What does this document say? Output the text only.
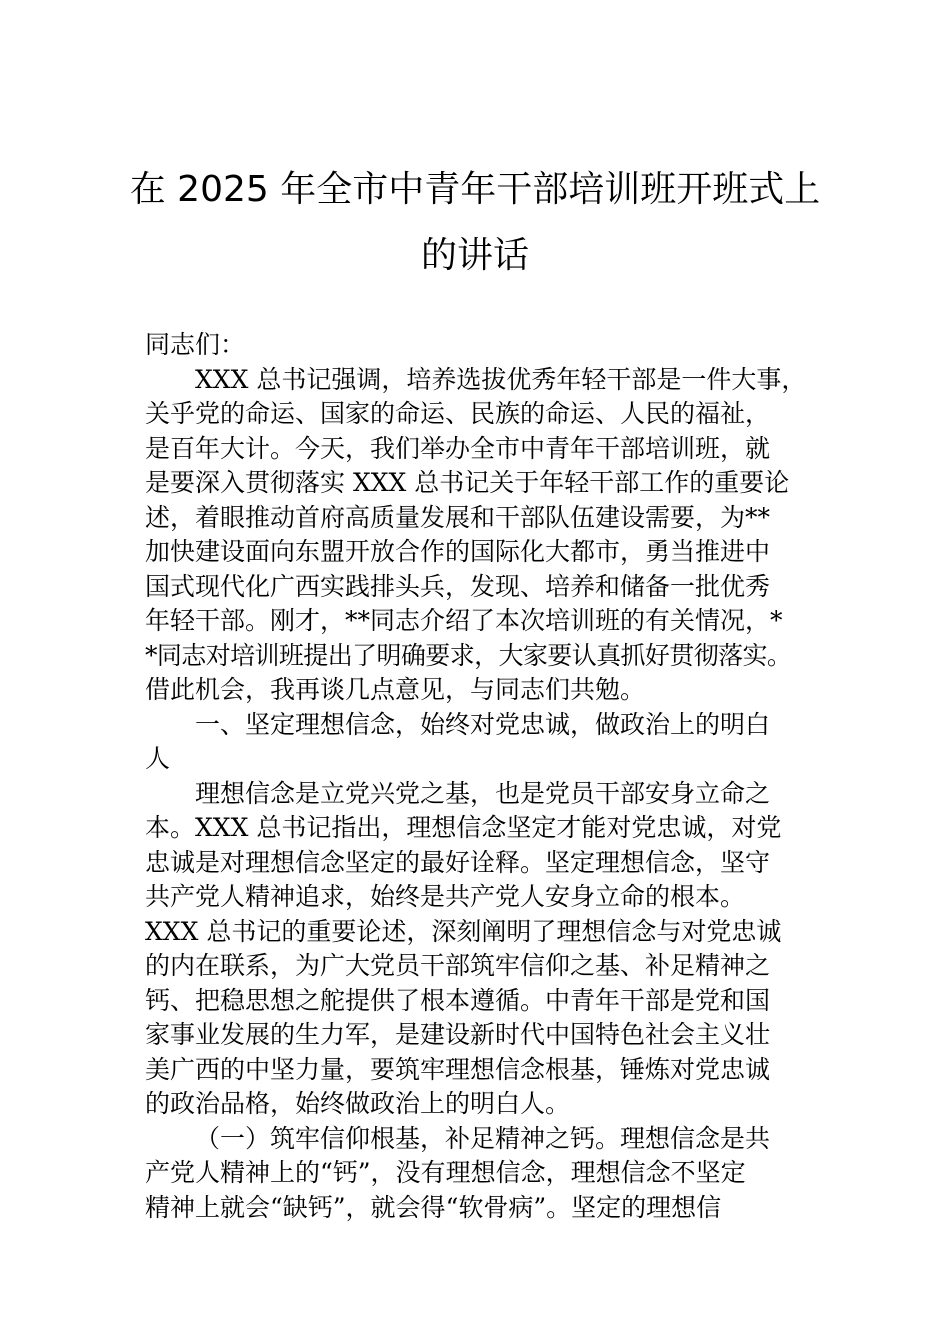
在 2025 年全市中青年干部培训班开班式上
的讲话
同志们：
XXX 总书记强调，培养选拔优秀年轻干部是一件大事，
关乎党的命运、国家的命运、民族的命运、人民的福祉，
是百年大计。今天，我们举办全市中青年干部培训班，就
是要深入贯彻落实 XXX 总书记关于年轻干部工作的重要论
述，着眼推动首府高质量发展和干部队伍建设需要，为**
加快建设面向东盟开放合作的国际化大都市，勇当推进中
国式现代化广西实践排头兵，发现、培养和储备一批优秀
年轻干部。刚才，**同志介绍了本次培训班的有关情况，*
*同志对培训班提出了明确要求，大家要认真抓好贯彻落实。
借此机会，我再谈几点意见，与同志们共勉。
一、坚定理想信念，始终对党忠诚，做政治上的明白
人
理想信念是立党兴党之基，也是党员干部安身立命之
本。XXX 总书记指出，理想信念坚定才能对党忠诚，对党
忠诚是对理想信念坚定的最好诠释。坚定理想信念，坚守
共产党人精神追求，始终是共产党人安身立命的根本。
XXX 总书记的重要论述，深刻阐明了理想信念与对党忠诚
的内在联系，为广大党员干部筑牢信仰之基、补足精神之
钙、把稳思想之舵提供了根本遵循。中青年干部是党和国
家事业发展的生力军，是建设新时代中国特色社会主义壮
美广西的中坚力量，要筑牢理想信念根基，锤炼对党忠诚
的政治品格，始终做政治上的明白人。
（一）筑牢信仰根基，补足精神之钙。理想信念是共
产党人精神上的“钙”，没有理想信念，理想信念不坚定
精神上就会“缺钙”，就会得“软骨病”。坚定的理想信
